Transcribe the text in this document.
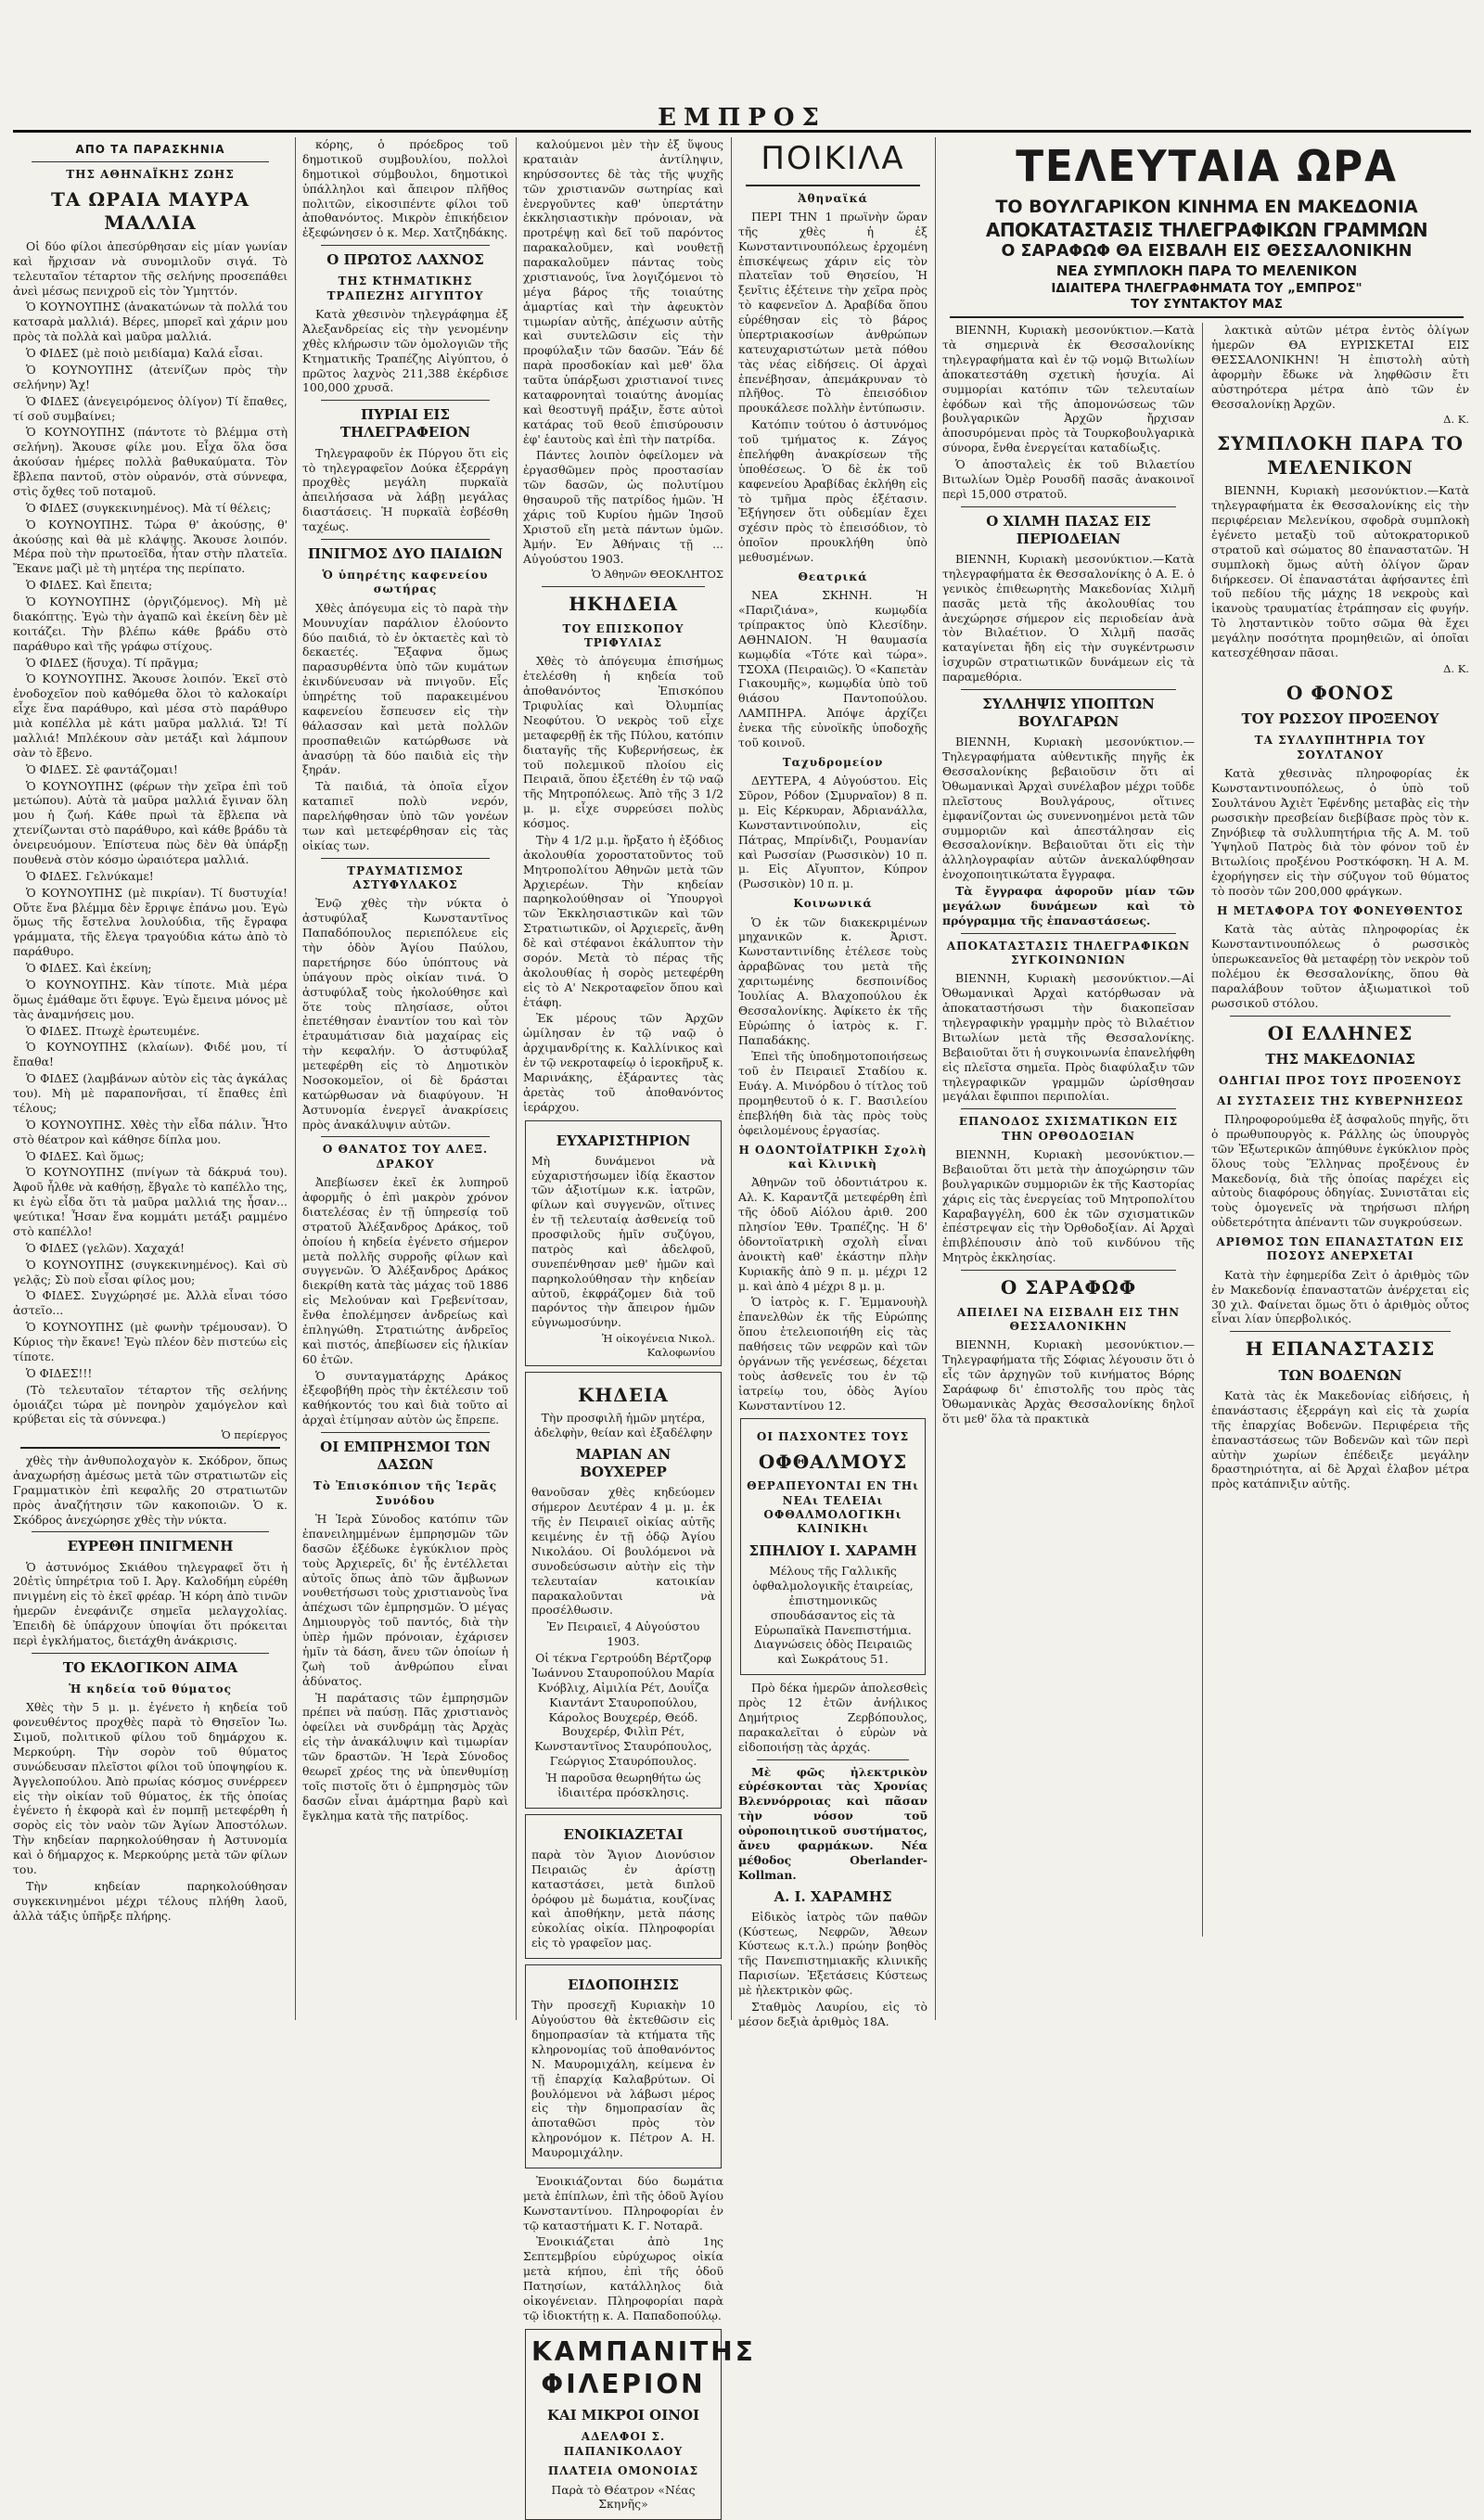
ΕΜΠΡΟΣ
ΑΠΟ ΤΑ ΠΑΡΑΣΚΗΝΙΑ
ΤΗΣ ΑΘΗΝΑΪΚΗΣ ΖΩΗΣ
ΤΑ ΩΡΑΙΑ ΜΑΥΡΑ ΜΑΛΛΙΑ

Οἱ δύο φίλοι ἀπεσύρθησαν εἰς μίαν γωνίαν καὶ ἤρχισαν νὰ συνομιλοῦν σιγά. Τὸ τελευταῖον τέταρτον τῆς σελήνης προσεπάθει ἀνεὶ μέσως πενιχροῦ εἰς τὸν Ὑμηττόν.

Ὁ ΚΟΥΝΟΥΠΗΣ (ἀνακατώνων τὰ πολλά του κατσαρὰ μαλλιά). Βέρες, μπορεῖ καὶ χάριν μου πρὸς τὰ πολλὰ καὶ μαῦρα μαλλιά.

Ὁ ΦΙΔΕΣ (μὲ ποιὸ μειδίαμα) Καλά εἶσαι.

Ὁ ΚΟΥΝΟΥΠΗΣ (ἀτενίζων πρὸς τὴν σελήνην) Ἄχ!

Ὁ ΦΙΔΕΣ (ἀνεγειρόμενος ὀλίγον) Τί ἔπαθες, τί σοῦ συμβαίνει;

Ὁ ΚΟΥΝΟΥΠΗΣ (πάντοτε τὸ βλέμμα στὴ σελήνη). Ἄκουσε φίλε μου. Εἶχα ὅλα ὅσα ἀκούσαν ἡμέρες πολλὰ βαθυκαύματα. Τὸν ἔβλεπα παντοῦ, στὸν οὐρανόν, στὰ σύννεφα, στὶς ὄχθες τοῦ ποταμοῦ.

Ὁ ΦΙΔΕΣ (συγκεκινημένος). Μὰ τί θέλεις;

Ὁ ΚΟΥΝΟΥΠΗΣ. Τώρα θ' ἀκούσῃς, θ' ἀκούσῃς καὶ θὰ μὲ κλάψῃς. Ἄκουσε λοιπόν. Μέρα ποὺ τὴν πρωτοεῖδα, ἦταν στὴν πλατεῖα. Ἔκανε μαζὶ μὲ τὴ μητέρα της περίπατο.

Ὁ ΦΙΔΕΣ. Καὶ ἔπειτα;

Ὁ ΚΟΥΝΟΥΠΗΣ (ὀργιζόμενος). Μὴ μὲ διακόπτῃς. Ἐγὼ τὴν ἀγαπῶ καὶ ἐκείνη δὲν μὲ κοιτάζει. Τὴν βλέπω κάθε βράδυ στὸ παράθυρο καὶ τῆς γράφω στίχους.

Ὁ ΦΙΔΕΣ (ἥσυχα). Τί πρᾶγμα;

Ὁ ΚΟΥΝΟΥΠΗΣ. Ἄκουσε λοιπόν. Ἐκεῖ στὸ ἐνοδοχεῖον ποὺ καθόμεθα ὅλοι τὸ καλοκαίρι εἶχε ἕνα παράθυρο, καὶ μέσα στὸ παράθυρο μιὰ κοπέλλα μὲ κάτι μαῦρα μαλλιά. Ὤ! Τί μαλλιά! Μπλέκουν σὰν μετάξι καὶ λάμπουν σὰν τὸ ἔβενο.

Ὁ ΦΙΔΕΣ. Σὲ φαντάζομαι!

Ὁ ΚΟΥΝΟΥΠΗΣ (φέρων τὴν χεῖρα ἐπὶ τοῦ μετώπου). Αὐτὰ τὰ μαῦρα μαλλιά ἔγιναν ὅλη μου ἡ ζωή. Κάθε πρωὶ τὰ ἔβλεπα νὰ χτενίζωνται στὸ παράθυρο, καὶ κάθε βράδυ τὰ ὀνειρευόμουν. Ἐπίστευα πὼς δὲν θὰ ὑπάρξῃ πουθενὰ στὸν κόσμο ὡραιότερα μαλλιά.

Ὁ ΦΙΔΕΣ. Γελνύκαμε!

Ὁ ΚΟΥΝΟΥΠΗΣ (μὲ πικρίαν). Τί δυστυχία! Οὔτε ἕνα βλέμμα δὲν ἔρριψε ἐπάνω μου. Ἐγὼ ὅμως τῆς ἔστελνα λουλούδια, τῆς ἔγραφα γράμματα, τῆς ἔλεγα τραγούδια κάτω ἀπὸ τὸ παράθυρο.

Ὁ ΦΙΔΕΣ. Καὶ ἐκείνη;

Ὁ ΚΟΥΝΟΥΠΗΣ. Κὰν τίποτε. Μιὰ μέρα ὅμως ἐμάθαμε ὅτι ἔφυγε. Ἐγὼ ἔμεινα μόνος μὲ τὰς ἀναμνήσεις μου.

Ὁ ΦΙΔΕΣ. Πτωχὲ ἐρωτευμένε.

Ὁ ΚΟΥΝΟΥΠΗΣ (κλαίων). Φιδέ μου, τί ἔπαθα!

Ὁ ΦΙΔΕΣ (λαμβάνων αὐτὸν εἰς τὰς ἀγκάλας του). Μὴ μὲ παραπονῆσαι, τί ἔπαθες ἐπὶ τέλους;

Ὁ ΚΟΥΝΟΥΠΗΣ. Χθὲς τὴν εἶδα πάλιν. Ἦτο στὸ θέατρον καὶ κάθησε δίπλα μου.

Ὁ ΦΙΔΕΣ. Καὶ ὅμως;

Ὁ ΚΟΥΝΟΥΠΗΣ (πνίγων τὰ δάκρυά του). Ἀφοῦ ἦλθε νὰ καθήσῃ, ἔβγαλε τὸ καπέλλο της, κι ἐγὼ εἶδα ὅτι τὰ μαῦρα μαλλιά της ἦσαν... ψεύτικα! Ἦσαν ἕνα κομμάτι μετάξι ραμμένο στὸ καπέλλο!

Ὁ ΦΙΔΕΣ (γελῶν). Χαχαχά!

Ὁ ΚΟΥΝΟΥΠΗΣ (συγκεκινημένος). Καὶ σὺ γελᾷς; Σὺ ποὺ εἶσαι φίλος μου;

Ὁ ΦΙΔΕΣ. Συγχώρησέ με. Ἀλλὰ εἶναι τόσο ἀστεῖο...

Ὁ ΚΟΥΝΟΥΠΗΣ (μὲ φωνὴν τρέμουσαν). Ὁ Κύριος τὴν ἔκανε! Ἐγὼ πλέον δὲν πιστεύω εἰς τίποτε.

Ὁ ΦΙΔΕΣ!!!

(Τὸ τελευταῖον τέταρτον τῆς σελήνης ὁμοιάζει τώρα μὲ πονηρὸν χαμόγελον καὶ κρύβεται εἰς τὰ σύννεφα.)

Ὁ περίεργος

χθὲς τὴν ἀνθυπολοχαγὸν κ. Σκόδρον, ὅπως ἀναχωρήσῃ ἀμέσως μετὰ τῶν στρατιωτῶν εἰς Γραμματικὸν ἐπὶ κεφαλῆς 20 στρατιωτῶν πρὸς ἀναζήτησιν τῶν κακοποιῶν. Ὁ κ. Σκόδρος ἀνεχώρησε χθὲς τὴν νύκτα.

ΕΥΡΕΘΗ ΠΝΙΓΜΕΝΗ

Ὁ ἀστυνόμος Σκιάθου τηλεγραφεῖ ὅτι ἡ 20ἐτὶς ὑπηρέτρια τοῦ Ι. Ἀργ. Καλοδήμη εὑρέθη πνιγμένη εἰς τὸ ἐκεῖ φρέαρ. Ἡ κόρη ἀπὸ τινῶν ἡμερῶν ἐνεφάνιζε σημεῖα μελαγχολίας. Ἐπειδὴ δὲ ὑπάρχουν ὑποψίαι ὅτι πρόκειται περὶ ἐγκλήματος, διετάχθη ἀνάκρισις.

ΤΟ ΕΚΛΟΓΙΚΟΝ ΑΙΜΑ
Ἡ κηδεία τοῦ θύματος

Χθὲς τὴν 5 μ. μ. ἐγένετο ἡ κηδεία τοῦ φονευθέντος προχθὲς παρὰ τὸ Θησεῖον Ἰω. Σιμοῦ, πολιτικοῦ φίλου τοῦ δημάρχου κ. Μερκούρη. Τὴν σορὸν τοῦ θύματος συνώδευσαν πλεῖστοι φίλοι τοῦ ὑποψηφίου κ. Ἀγγελοπούλου. Ἀπὸ πρωίας κόσμος συνέρρεεν εἰς τὴν οἰκίαν τοῦ θύματος, ἐκ τῆς ὁποίας ἐγένετο ἡ ἐκφορὰ καὶ ἐν πομπῇ μετεφέρθη ἡ σορὸς εἰς τὸν ναὸν τῶν Ἁγίων Ἀποστόλων. Τὴν κηδείαν παρηκολούθησαν ἡ Ἀστυνομία καὶ ὁ δήμαρχος κ. Μερκούρης μετὰ τῶν φίλων του.

Τὴν κηδείαν παρηκολούθησαν συγκεκινημένοι μέχρι τέλους πλήθη λαοῦ, ἀλλὰ τάξις ὑπῆρξε πλήρης.

κόρης, ὁ πρόεδρος τοῦ δημοτικοῦ συμβουλίου, πολλοὶ δημοτικοὶ σύμβουλοι, δημοτικοὶ ὑπάλληλοι καὶ ἄπειρον πλῆθος πολιτῶν, εἰκοσιπέντε φίλοι τοῦ ἀποθανόντος. Μικρὸν ἐπικήδειον ἐξεφώνησεν ὁ κ. Μερ. Χατζηδάκης.

Ο ΠΡΩΤΟΣ ΛΑΧΝΟΣ
ΤΗΣ ΚΤΗΜΑΤΙΚΗΣ ΤΡΑΠΕΖΗΣ ΑΙΓΥΠΤΟΥ

Κατὰ χθεσινὸν τηλεγράφημα ἐξ Ἀλεξανδρείας εἰς τὴν γενομένην χθὲς κλήρωσιν τῶν ὁμολογιῶν τῆς Κτηματικῆς Τραπέζης Αἰγύπτου, ὁ πρῶτος λαχνὸς 211,388 ἐκέρδισε 100,000 χρυσᾶ.

ΠΥΡΙΑΙ ΕΙΣ ΤΗΛΕΓΡΑΦΕΙΟΝ

Τηλεγραφοῦν ἐκ Πύργου ὅτι εἰς τὸ τηλεγραφεῖον Δούκα ἐξερράγη προχθὲς μεγάλη πυρκαϊὰ ἀπειλήσασα νὰ λάβῃ μεγάλας διαστάσεις. Ἡ πυρκαϊὰ ἐσβέσθη ταχέως.

ΠΝΙΓΜΟΣ ΔΥΟ ΠΑΙΔΙΩΝ
Ὁ ὑπηρέτης καφενείου σωτήρας

Χθὲς ἀπόγευμα εἰς τὸ παρὰ τὴν Μουνυχίαν παράλιον ἐλούοντο δύο παιδιά, τὸ ἐν ὀκταετὲς καὶ τὸ δεκαετές. Ἔξαφνα ὅμως παρασυρθέντα ὑπὸ τῶν κυμάτων ἐκινδύνευσαν νὰ πνιγοῦν. Εἷς ὑπηρέτης τοῦ παρακειμένου καφενείου ἔσπευσεν εἰς τὴν θάλασσαν καὶ μετὰ πολλῶν προσπαθειῶν κατώρθωσε νὰ ἀνασύρῃ τὰ δύο παιδιὰ εἰς τὴν ξηράν.

Τὰ παιδιά, τὰ ὁποῖα εἶχον καταπιεῖ πολὺ νερόν, παρελήφθησαν ὑπὸ τῶν γονέων των καὶ μετεφέρθησαν εἰς τὰς οἰκίας των.

ΤΡΑΥΜΑΤΙΣΜΟΣ ΑΣΤΥΦΥΛΑΚΟΣ

Ἐνῷ χθὲς τὴν νύκτα ὁ ἀστυφύλαξ Κωνσταντῖνος Παπαδόπουλος περιεπόλευε εἰς τὴν ὁδὸν Ἁγίου Παύλου, παρετήρησε δύο ὑπόπτους νὰ ὑπάγουν πρὸς οἰκίαν τινά. Ὁ ἀστυφύλαξ τοὺς ἠκολούθησε καὶ ὅτε τοὺς πλησίασε, οὗτοι ἐπετέθησαν ἐναντίον του καὶ τὸν ἐτραυμάτισαν διὰ μαχαίρας εἰς τὴν κεφαλήν. Ὁ ἀστυφύλαξ μετεφέρθη εἰς τὸ Δημοτικὸν Νοσοκομεῖον, οἱ δὲ δράσται κατώρθωσαν νὰ διαφύγουν. Ἡ Ἀστυνομία ἐνεργεῖ ἀνακρίσεις πρὸς ἀνακάλυψιν αὐτῶν.

Ο ΘΑΝΑΤΟΣ ΤΟΥ ΑΛΕΞ. ΔΡΑΚΟΥ

Ἀπεβίωσεν ἐκεῖ ἐκ λυπηροῦ ἀφορμῆς ὁ ἐπὶ μακρὸν χρόνον διατελέσας ἐν τῇ ὑπηρεσίᾳ τοῦ στρατοῦ Ἀλέξανδρος Δράκος, τοῦ ὁποίου ἡ κηδεία ἐγένετο σήμερον μετὰ πολλῆς συρροῆς φίλων καὶ συγγενῶν. Ὁ Ἀλέξανδρος Δράκος διεκρίθη κατὰ τὰς μάχας τοῦ 1886 εἰς Μελούναν καὶ Γρεβενίτσαν, ἔνθα ἐπολέμησεν ἀνδρείως καὶ ἐπληγώθη. Στρατιώτης ἀνδρεῖος καὶ πιστός, ἀπεβίωσεν εἰς ἡλικίαν 60 ἐτῶν.

Ὁ συνταγματάρχης Δράκος ἐξεφοβήθη πρὸς τὴν ἐκτέλεσιν τοῦ καθήκοντός του καὶ διὰ τοῦτο αἱ ἀρχαὶ ἐτίμησαν αὐτὸν ὡς ἔπρεπε.

ΟΙ ΕΜΠΡΗΣΜΟΙ ΤΩΝ ΔΑΣΩΝ
Τὸ Ἐπισκόπιον τῆς Ἱερᾶς Συνόδου

Ἡ Ἱερὰ Σύνοδος κατόπιν τῶν ἐπανειλημμένων ἐμπρησμῶν τῶν δασῶν ἐξέδωκε ἐγκύκλιον πρὸς τοὺς Ἀρχιερεῖς, δι' ἧς ἐντέλλεται αὐτοῖς ὅπως ἀπὸ τῶν ἄμβωνων νουθετήσωσι τοὺς χριστιανοὺς ἵνα ἀπέχωσι τῶν ἐμπρησμῶν. Ὁ μέγας Δημιουργὸς τοῦ παντός, διὰ τὴν ὑπὲρ ἡμῶν πρόνοιαν, ἐχάρισεν ἡμῖν τὰ δάση, ἄνευ τῶν ὁποίων ἡ ζωὴ τοῦ ἀνθρώπου εἶναι ἀδύνατος.

Ἡ παράτασις τῶν ἐμπρησμῶν πρέπει νὰ παύσῃ. Πᾶς χριστιανὸς ὀφείλει νὰ συνδράμῃ τὰς Ἀρχὰς εἰς τὴν ἀνακάλυψιν καὶ τιμωρίαν τῶν δραστῶν. Ἡ Ἱερὰ Σύνοδος θεωρεῖ χρέος της νὰ ὑπενθυμίσῃ τοῖς πιστοῖς ὅτι ὁ ἐμπρησμὸς τῶν δασῶν εἶναι ἁμάρτημα βαρὺ καὶ ἔγκλημα κατὰ τῆς πατρίδος.

καλούμενοι μὲν τὴν ἐξ ὕψους κραταιὰν ἀντίληψιν, κηρύσσοντες δὲ τὰς τῆς ψυχῆς τῶν χριστιανῶν σωτηρίας καὶ ἐνεργοῦντες καθ' ὑπερτάτην ἐκκλησιαστικὴν πρόνοιαν, νὰ προτρέψῃ καὶ δεῖ τοῦ παρόντος παρακαλοῦμεν, καὶ νουθετῇ παρακαλοῦμεν πάντας τοὺς χριστιανούς, ἵνα λογιζόμενοι τὸ μέγα βάρος τῆς τοιαύτης ἁμαρτίας καὶ τὴν ἀφευκτὸν τιμωρίαν αὐτῆς, ἀπέχωσιν αὐτῆς καὶ συντελῶσιν εἰς τὴν προφύλαξιν τῶν δασῶν. Ἔάν δέ παρὰ προσδοκίαν καὶ μεθ' ὅλα ταῦτα ὑπάρξωσι χριστιανοί τινες καταφρονηταὶ τοιαύτης ἀνομίας καὶ θεοστυγῆ πράξιν, ἔστε αὐτοὶ κατάρας τοῦ θεοῦ ἐπισύρουσιν ἐφ' ἑαυτοὺς καὶ ἐπὶ τὴν πατρίδα.

Πάντες λοιπὸν ὀφείλομεν νὰ ἐργασθῶμεν πρὸς προστασίαν τῶν δασῶν, ὡς πολυτίμου θησαυροῦ τῆς πατρίδος ἡμῶν. Ἡ χάρις τοῦ Κυρίου ἡμῶν Ἰησοῦ Χριστοῦ εἴη μετὰ πάντων ὑμῶν. Ἀμήν. Ἐν Ἀθήναις τῇ ... Αὐγούστου 1903.

Ὁ Ἀθηνῶν ΘΕΟΚΛΗΤΟΣ
ΗΚΗΔΕΙΑ
ΤΟΥ ΕΠΙΣΚΟΠΟΥ ΤΡΙΦΥΛΙΑΣ

Χθὲς τὸ ἀπόγευμα ἐπισήμως ἐτελέσθη ἡ κηδεία τοῦ ἀποθανόντος Ἐπισκόπου Τριφυλίας καὶ Ὀλυμπίας Νεοφύτου. Ὁ νεκρὸς τοῦ εἶχε μεταφερθῇ ἐκ τῆς Πύλου, κατόπιν διαταγῆς τῆς Κυβερνήσεως, ἐκ τοῦ πολεμικοῦ πλοίου εἰς Πειραιᾶ, ὅπου ἐξετέθη ἐν τῷ ναῷ τῆς Μητροπόλεως. Ἀπὸ τῆς 3 1/2 μ. μ. εἶχε συρρεύσει πολὺς κόσμος.

Τὴν 4 1/2 μ.μ. ἤρξατο ἡ ἐξόδιος ἀκολουθία χοροστατοῦντος τοῦ Μητροπολίτου Ἀθηνῶν μετὰ τῶν Ἀρχιερέων. Τὴν κηδείαν παρηκολούθησαν οἱ Ὑπουργοὶ τῶν Ἐκκλησιαστικῶν καὶ τῶν Στρατιωτικῶν, οἱ Ἀρχιερεῖς, ἄνθη δὲ καὶ στέφανοι ἐκάλυπτον τὴν σορόν. Μετὰ τὸ πέρας τῆς ἀκολουθίας ἡ σορὸς μετεφέρθη εἰς τὸ Α' Νεκροταφεῖον ὅπου καὶ ἐτάφη.

Ἐκ μέρους τῶν Ἀρχῶν ὡμίλησαν ἐν τῷ ναῷ ὁ ἀρχιμανδρίτης κ. Καλλίνικος καὶ ἐν τῷ νεκροταφείῳ ὁ ἱεροκῆρυξ κ. Μαρινάκης, ἐξάραντες τὰς ἀρετὰς τοῦ ἀποθανόντος ἱεράρχου.

ΕΥΧΑΡΙΣΤΗΡΙΟΝ

Μὴ δυνάμενοι νὰ εὐχαριστήσωμεν ἰδίᾳ ἕκαστον τῶν ἀξιοτίμων κ.κ. ἰατρῶν, φίλων καὶ συγγενῶν, οἵτινες ἐν τῇ τελευταίᾳ ἀσθενείᾳ τοῦ προσφιλοῦς ἡμῖν συζύγου, πατρὸς καὶ ἀδελφοῦ, συνεπένθησαν μεθ' ἡμῶν καὶ παρηκολούθησαν τὴν κηδείαν αὐτοῦ, ἐκφράζομεν διὰ τοῦ παρόντος τὴν ἄπειρον ἡμῶν εὐγνωμοσύνην.

Ἡ οἰκογένεια Νικολ. Καλοφωνίου
ΚΗΔΕΙΑ

Τὴν προσφιλῆ ἡμῶν μητέρα, ἀδελφὴν, θείαν καὶ ἐξαδέλφην

ΜΑΡΙΑΝ ΑΝ ΒΟΥΧΕΡΕΡ

θανοῦσαν χθὲς κηδεύομεν σήμερον Δευτέραν 4 μ. μ. ἐκ τῆς ἐν Πειραιεῖ οἰκίας αὐτῆς κειμένης ἐν τῇ ὁδῷ Ἀγίου Νικολάου. Οἱ βουλόμενοι νὰ συνοδεύσωσιν αὐτὴν εἰς τὴν τελευταίαν κατοικίαν παρακαλοῦνται νὰ προσέλθωσιν.

Ἐν Πειραιεῖ, 4 Αὐγούστου 1903.

Οἱ τέκνα Γερτρούδη Βέρτζορφ Ἰωάννου Σταυροπούλου Μαρία Κνόβλιχ, Αἰμιλία Ρέτ, Δουΐζα Κιαντάντ Σταυροπούλου, Κάρολος Βουχερέρ, Θεόδ. Βουχερέρ, Φιλὶπ Ρέτ, Κωνσταντῖνος Σταυρόπουλος, Γεώργιος Σταυρόπουλος.

Ἡ παροῦσα θεωρηθήτω ὡς ἰδιαιτέρα πρόσκλησις.

ΕΝΟΙΚΙΑΖΕΤΑΙ

παρὰ τὸν Ἅγιον Διονύσιον Πειραιῶς ἐν ἀρίστῃ καταστάσει, μετὰ διπλοῦ ὀρόφου μὲ δωμάτια, κουζίνας καὶ ἀποθήκην, μετὰ πάσης εὐκολίας οἰκία. Πληροφορίαι εἰς τὸ γραφεῖον μας.

ΕΙΔΟΠΟΙΗΣΙΣ

Τὴν προσεχῆ Κυριακὴν 10 Αὐγούστου θὰ ἐκτεθῶσιν εἰς δημοπρασίαν τὰ κτήματα τῆς κληρονομίας τοῦ ἀποθανόντος Ν. Μαυρομιχάλη, κείμενα ἐν τῇ ἐπαρχίᾳ Καλαβρύτων. Οἱ βουλόμενοι νὰ λάβωσι μέρος εἰς τὴν δημοπρασίαν ἂς ἀποταθῶσι πρὸς τὸν κληρονόμον κ. Πέτρον Α. Η. Μαυρομιχάλην.

Ἐνοικιάζονται δύο δωμάτια μετὰ ἐπίπλων, ἐπὶ τῆς ὁδοῦ Ἀγίου Κωνσταντίνου. Πληροφορίαι ἐν τῷ καταστήματι Κ. Γ. Νοταρᾶ.

Ἐνοικιάζεται ἀπὸ 1ης Σεπτεμβρίου εὐρύχωρος οἰκία μετὰ κήπου, ἐπὶ τῆς ὁδοῦ Πατησίων, κατάλληλος διὰ οἰκογένειαν. Πληροφορίαι παρὰ τῷ ἰδιοκτήτῃ κ. Α. Παπαδοπούλῳ.

ΚΑΜΠΑΝΙΤΗΣ
ΦΙΛΕΡΙΟΝ
ΚΑΙ ΜΙΚΡΟΙ ΟΙΝΟΙ
ΑΔΕΛΦΟΙ Σ. ΠΑΠΑΝΙΚΟΛΑΟΥ
ΠΛΑΤΕΙΑ ΟΜΟΝΟΙΑΣ

Παρὰ τὸ Θέατρον «Νέας Σκηνῆς»

ΠΟΙΚΙΛΑ
Ἀθηναϊκά

ΠΕΡΙ ΤΗΝ 1 πρωϊνὴν ὥραν τῆς χθὲς ἡ ἐξ Κωνσταντινουπόλεως ἐρχομένη ἐπισκέψεως χάριν εἰς τὸν πλατεῖαν τοῦ Θησείου, Ἡ ξενῖτις ἐξέτεινε τὴν χεῖρα πρὸς τὸ καφενεῖον Δ. Ἀραβίδα ὅπου εὑρέθησαν εἰς τὸ βάρος ὑπερτριακοσίων ἀνθρώπων κατευχαριστώτων μετὰ πόθου τὰς νέας εἰδήσεις. Οἱ ἀρχαὶ ἐπενέβησαν, ἀπεμάκρυναν τὸ πλῆθος. Τὸ ἐπεισόδιον προυκάλεσε πολλὴν ἐντύπωσιν.

Κατόπιν τούτου ὁ ἀστυνόμος τοῦ τμήματος κ. Ζάγος ἐπελήφθη ἀνακρίσεων τῆς ὑποθέσεως. Ὁ δὲ ἐκ τοῦ καφενείου Ἀραβίδας ἐκλήθη εἰς τὸ τμῆμα πρὸς ἐξέτασιν. Ἐξήγησεν ὅτι οὐδεμίαν ἔχει σχέσιν πρὸς τὸ ἐπεισόδιον, τὸ ὁποῖον προυκλήθη ὑπὸ μεθυσμένων.

Θεατρικά

ΝΕΑ ΣΚΗΝΗ. Ἡ «Παριζιάνα», κωμῳδία τρίπρακτος ὑπὸ Κλεσίδην. ΑΘΗΝΑΙΟΝ. Ἡ θαυμασία κωμῳδία «Τότε καὶ τώρα». ΤΣΟΧΑ (Πειραιῶς). Ὁ «Καπετὰν Γιακουμῆς», κωμῳδία ὑπὸ τοῦ θιάσου Παντοπούλου. ΛΑΜΠΗΡΑ. Ἀπόψε ἀρχίζει ἐνεκα τῆς εὐνοϊκῆς ὑποδοχῆς τοῦ κοινοῦ.

Ταχυδρομείον

ΔΕΥΤΕΡΑ, 4 Αὐγούστου. Εἰς Σῦρον, Ρόδον (Σμυρναῖον) 8 π. μ. Εἰς Κέρκυραν, Ἀδριανάλλα, Κωνσταντινούπολιν, εἰς Πάτρας, Μπρίνδιζι, Ρουμανίαν καὶ Ρωσσίαν (Ρωσσικὸν) 10 π. μ. Εἰς Αἴγυπτον, Κύπρον (Ρωσσικὸν) 10 π. μ.

Κοινωνικά

Ὁ ἐκ τῶν διακεκριμένων μηχανικῶν κ. Ἀριστ. Κωνσταντινίδης ἐτέλεσε τοὺς ἀρραβῶνας του μετὰ τῆς χαριτωμένης δεσποινίδος Ἰουλίας Α. Βλαχοπούλου ἐκ Θεσσαλονίκης. Ἀφίκετο ἐκ τῆς Εὐρώπης ὁ ἰατρὸς κ. Γ. Παπαδάκης.

Ἐπεὶ τῆς ὑποδημοτοποιήσεως τοῦ ἐν Πειραιεῖ Σταδίου κ. Ευάγ. Α. Μινόρδου ὁ τίτλος τοῦ προμηθευτοῦ ὁ κ. Γ. Βασιλείου ἐπεβλήθη διὰ τὰς πρὸς τοὺς ὀφειλομένους ἐργασίας.

Η ΟΔΟΝΤΟΪΑΤΡΙΚΗ Σχολὴ καὶ Κλινικὴ

Ἀθηνῶν τοῦ ὀδοντιάτρου κ. Αλ. Κ. Καραντζᾶ μετεφέρθη ἐπὶ τῆς ὁδοῦ Αἰόλου ἀριθ. 200 πλησίον Ἐθν. Τραπέζης. Ἡ δ' ὀδοντοϊατρικὴ σχολὴ εἶναι ἀνοικτὴ καθ' ἑκάστην πλὴν Κυριακῆς ἀπὸ 9 π. μ. μέχρι 12 μ. καὶ ἀπὸ 4 μέχρι 8 μ. μ.

Ὁ ἰατρὸς κ. Γ. Ἐμμανουὴλ ἐπανελθὼν ἐκ τῆς Εὐρώπης ὅπου ἐτελειοποιήθη εἰς τὰς παθήσεις τῶν νεφρῶν καὶ τῶν ὀργάνων τῆς γενέσεως, δέχεται τοὺς ἀσθενεῖς του ἐν τῷ ἰατρείῳ του, ὁδὸς Ἁγίου Κωνσταντίνου 12.

ΟΙ ΠΑΣΧΟΝΤΕΣ ΤΟΥΣ
ΟΦΘΑΛΜΟΥΣ
ΘΕΡΑΠΕΥΟΝΤΑΙ ΕΝ ΤΗι ΝΕΑι ΤΕΛΕΙΑι ΟΦΘΑΛΜΟΛΟΓΙΚΗι ΚΛΙΝΙΚΗι
ΣΠΗΛΙΟΥ Ι. ΧΑΡΑΜΗ

Μέλους τῆς Γαλλικῆς ὀφθαλμολογικῆς ἑταιρείας, ἐπιστημονικῶς σπουδάσαντος εἰς τὰ Εὐρωπαϊκὰ Πανεπιστήμια. Διαγνώσεις ὁδὸς Πειραιῶς καὶ Σωκράτους 51.

Πρὸ δέκα ἡμερῶν ἀπολεσθεὶς πρὸς 12 ἐτῶν ἀνήλικος Δημήτριος Ζερβόπουλος, παρακαλεῖται ὁ εὑρὼν νὰ εἰδοποιήσῃ τὰς ἀρχάς.

Μὲ φῶς ἠλεκτρικὸν εὑρέσκονται τὰς Χρονίας Βλεννόρροιας καὶ πᾶσαν τὴν νόσον τοῦ οὐροποιητικοῦ συστήματος, ἄνευ φαρμάκων. Νέα μέθοδος Oberlander-Kollman.

Α. Ι. ΧΑΡΑΜΗΣ

Εἰδικὸς ἰατρὸς τῶν παθῶν (Κύστεως, Νεφρῶν, Ἄθεων Κύστεως κ.τ.λ.) πρώην βοηθὸς τῆς Πανεπιστημιακῆς κλινικῆς Παρισίων. Ἐξετάσεις Κύστεως μὲ ἠλεκτρικὸν φῶς.

Σταθμὸς Λαυρίου, εἰς τὸ μέσον δεξιὰ ἀριθμὸς 18Α.

ΤΕΛΕΥΤΑΙΑ ΩΡΑ
ΤΟ ΒΟΥΛΓΑΡΙΚΟΝ ΚΙΝΗΜΑ ΕΝ ΜΑΚΕΔΟΝΙΑ
ΑΠΟΚΑΤΑΣΤΑΣΙΣ ΤΗΛΕΓΡΑΦΙΚΩΝ ΓΡΑΜΜΩΝ
Ο ΣΑΡΑΦΩΦ ΘΑ ΕΙΣΒΑΛΗ ΕΙΣ ΘΕΣΣΑΛΟΝΙΚΗΝ
ΝΕΑ ΣΥΜΠΛΟΚΗ ΠΑΡΑ ΤΟ ΜΕΛΕΝΙΚΟΝ
ΙΔΙΑΙΤΕΡΑ ΤΗΛΕΓΡΑΦΗΜΑΤΑ ΤΟΥ „ΕΜΠΡΟΣ"
ΤΟΥ ΣΥΝΤΑΚΤΟΥ ΜΑΣ

ΒΙΕΝΝΗ, Κυριακὴ μεσονύκτιον.—Κατὰ τὰ σημερινὰ ἐκ Θεσσαλονίκης τηλεγραφήματα καὶ ἐν τῷ νομῷ Βιτωλίων ἀποκατεστάθη σχετικὴ ἡσυχία. Αἱ συμμορίαι κατόπιν τῶν τελευταίων ἐφόδων καὶ τῆς ἀπομονώσεως τῶν βουλγαρικῶν Ἀρχῶν ἤρχισαν ἀποσυρόμεναι πρὸς τὰ Τουρκοβουλγαρικὰ σύνορα, ἔνθα ἐνεργείται καταδίωξις.

Ὁ ἀποσταλεὶς ἐκ τοῦ Βιλαετίου Βιτωλίων Ὀμὲρ Ρουσδῆ πασᾶς ἀνακοινοῖ περὶ 15,000 στρατοῦ.

Ο ΧΙΛΜΗ ΠΑΣΑΣ ΕΙΣ ΠΕΡΙΟΔΕΙΑΝ

ΒΙΕΝΝΗ, Κυριακὴ μεσονύκτιον.—Κατὰ τηλεγραφήματα ἐκ Θεσσαλονίκης ὁ Α. Ε. ὁ γενικὸς ἐπιθεωρητὴς Μακεδονίας Χιλμῆ πασᾶς μετὰ τῆς ἀκολουθίας του ἀνεχώρησε σήμερον εἰς περιοδείαν ἀνὰ τὸν Βιλαέτιον. Ὁ Χιλμῆ πασᾶς καταγίνεται ἤδη εἰς τὴν συγκέντρωσιν ἰσχυρῶν στρατιωτικῶν δυνάμεων εἰς τὰ παραμεθόρια.

ΣΥΛΛΗΨΙΣ ΥΠΟΠΤΩΝ ΒΟΥΛΓΑΡΩΝ

ΒΙΕΝΝΗ, Κυριακὴ μεσονύκτιον.—Τηλεγραφήματα αὐθεντικῆς πηγῆς ἐκ Θεσσαλονίκης βεβαιοῦσιν ὅτι αἱ Ὀθωμανικαὶ Ἀρχαὶ συνέλαβον μέχρι τοῦδε πλεῖστους Βουλγάρους, οἵτινες ἐμφανίζονται ὡς συνεννοημένοι μετὰ τῶν συμμοριῶν καὶ ἀπεστάλησαν εἰς Θεσσαλονίκην. Βεβαιοῦται ὅτι εἰς τὴν ἀλληλογραφίαν αὐτῶν ἀνεκαλύφθησαν ἐνοχοποιητικώτατα ἔγγραφα.

Τὰ ἔγγραφα ἀφοροῦν μίαν τῶν μεγάλων δυνάμεων καὶ τὸ πρόγραμμα τῆς ἐπαναστάσεως.

ΑΠΟΚΑΤΑΣΤΑΣΙΣ ΤΗΛΕΓΡΑΦΙΚΩΝ ΣΥΓΚΟΙΝΩΝΙΩΝ

ΒΙΕΝΝΗ, Κυριακὴ μεσονύκτιον.—Αἱ Ὀθωμανικαὶ Ἀρχαὶ κατόρθωσαν νὰ ἀποκαταστήσωσι τὴν διακοπεῖσαν τηλεγραφικὴν γραμμὴν πρὸς τὸ Βιλαέτιον Βιτωλίων μετὰ τῆς Θεσσαλονίκης. Βεβαιοῦται ὅτι ἡ συγκοινωνία ἐπανελήφθη εἰς πλεῖστα σημεῖα. Πρὸς διαφύλαξιν τῶν τηλεγραφικῶν γραμμῶν ὡρίσθησαν μεγάλαι ἔφιπποι περιπολίαι.

ΕΠΑΝΟΔΟΣ ΣΧΙΣΜΑΤΙΚΩΝ ΕΙΣ ΤΗΝ ΟΡΘΟΔΟΞΙΑΝ

ΒΙΕΝΝΗ, Κυριακὴ μεσονύκτιον.—Βεβαιοῦται ὅτι μετὰ τὴν ἀποχώρησιν τῶν βουλγαρικῶν συμμοριῶν ἐκ τῆς Καστορίας χάρις εἰς τὰς ἐνεργείας τοῦ Μητροπολίτου Καραβαγγέλη, 600 ἐκ τῶν σχισματικῶν ἐπέστρεψαν εἰς τὴν Ὀρθοδοξίαν. Αἱ Ἀρχαὶ ἐπιβλέπουσιν ἀπὸ τοῦ κινδύνου τῆς Μητρὸς ἐκκλησίας.

Ο ΣΑΡΑΦΩΦ
ΑΠΕΙΛΕΙ ΝΑ ΕΙΣΒΑΛΗ ΕΙΣ ΤΗΝ ΘΕΣΣΑΛΟΝΙΚΗΝ

ΒΙΕΝΝΗ, Κυριακὴ μεσονύκτιον.—Τηλεγραφήματα τῆς Σόφιας λέγουσιν ὅτι ὁ εἷς τῶν ἀρχηγῶν τοῦ κινήματος Βόρης Σαράφωφ δι' ἐπιστολῆς του πρὸς τὰς Ὀθωμανικὰς Ἀρχὰς Θεσσαλονίκης δηλοῖ ὅτι μεθ' ὅλα τὰ πρακτικὰ

λακτικὰ αὐτῶν μέτρα ἐντὸς ὀλίγων ἡμερῶν ΘΑ ΕΥΡΙΣΚΕΤΑΙ ΕΙΣ ΘΕΣΣΑΛΟΝΙΚΗΝ! Ἡ ἐπιστολὴ αὐτὴ ἀφορμὴν ἔδωκε νὰ ληφθῶσιν ἔτι αὐστηρότερα μέτρα ἀπὸ τῶν ἐν Θεσσαλονίκῃ Ἀρχῶν.

Δ. Κ.
ΣΥΜΠΛΟΚΗ ΠΑΡΑ ΤΟ ΜΕΛΕΝΙΚΟΝ

ΒΙΕΝΝΗ, Κυριακὴ μεσονύκτιον.—Κατὰ τηλεγραφήματα ἐκ Θεσσαλονίκης εἰς τὴν περιφέρειαν Μελενίκου, σφοδρὰ συμπλοκὴ ἐγένετο μεταξὺ τοῦ αὐτοκρατορικοῦ στρατοῦ καὶ σώματος 80 ἐπαναστατῶν. Ἡ συμπλοκὴ ὅμως αὐτὴ ὀλίγον ὥραν διήρκεσεν. Οἱ ἐπαναστάται ἀφήσαντες ἐπὶ τοῦ πεδίου τῆς μάχης 18 νεκροὺς καὶ ἱκανοὺς τραυματίας ἐτράπησαν εἰς φυγήν. Τὸ λησταντικὸν τοῦτο σῶμα θὰ ἔχει μεγάλην ποσότητα προμηθειῶν, αἱ ὁποῖαι κατεσχέθησαν πᾶσαι.

Δ. Κ.
Ο ΦΟΝΟΣ
ΤΟΥ ΡΩΣΣΟΥ ΠΡΟΞΕΝΟΥ
ΤΑ ΣΥΛΛΥΠΗΤΗΡΙΑ ΤΟΥ ΣΟΥΛΤΑΝΟΥ

Κατὰ χθεσινὰς πληροφορίας ἐκ Κωνσταντινουπόλεως, ὁ ὑπὸ τοῦ Σουλτάνου Ἀχιὲτ Ἐφένδης μεταβὰς εἰς τὴν ρωσσικὴν πρεσβείαν διεβίβασε πρὸς τὸν κ. Ζηνόβιεφ τὰ συλλυπητήρια τῆς Α. Μ. τοῦ Ὑψηλοῦ Πατρὸς διὰ τὸν φόνον τοῦ ἐν Βιτωλίοις προξένου Ροστκόφσκη. Ἡ Α. Μ. ἐχορήγησεν εἰς τὴν σύζυγον τοῦ θύματος τὸ ποσὸν τῶν 200,000 φράγκων.

Η ΜΕΤΑΦΟΡΑ ΤΟΥ ΦΟΝΕΥΘΕΝΤΟΣ

Κατὰ τὰς αὐτὰς πληροφορίας ἐκ Κωνσταντινουπόλεως ὁ ρωσσικὸς ὑπερωκεανεῖος θὰ μεταφέρῃ τὸν νεκρὸν τοῦ πολέμου ἐκ Θεσσαλονίκης, ὅπου θὰ παραλάβουν τοῦτον ἀξιωματικοὶ τοῦ ρωσσικοῦ στόλου.

ΟΙ ΕΛΛΗΝΕΣ
ΤΗΣ ΜΑΚΕΔΟΝΙΑΣ
ΟΔΗΓΙΑΙ ΠΡΟΣ ΤΟΥΣ ΠΡΟΞΕΝΟΥΣ
ΑΙ ΣΥΣΤΑΣΕΙΣ ΤΗΣ ΚΥΒΕΡΝΗΣΕΩΣ

Πληροφορούμεθα ἐξ ἀσφαλοῦς πηγῆς, ὅτι ὁ πρωθυπουργὸς κ. Ράλλης ὡς ὑπουργὸς τῶν Ἐξωτερικῶν ἀπηύθυνε ἐγκύκλιον πρὸς ὅλους τοὺς Ἕλληνας προξένους ἐν Μακεδονίᾳ, διὰ τῆς ὁποίας παρέχει εἰς αὐτοὺς διαφόρους ὁδηγίας. Συνιστᾶται εἰς τοὺς ὁμογενεῖς νὰ τηρήσωσι πλήρη οὐδετερότητα ἀπέναντι τῶν συγκρούσεων.

ΑΡΙΘΜΟΣ ΤΩΝ ΕΠΑΝΑΣΤΑΤΩΝ ΕΙΣ ΠΟΣΟΥΣ ΑΝΕΡΧΕΤΑΙ

Κατὰ τὴν ἐφημερίδα Ζεὶτ ὁ ἀριθμὸς τῶν ἐν Μακεδονίᾳ ἐπαναστατῶν ἀνέρχεται εἰς 30 χιλ. Φαίνεται ὅμως ὅτι ὁ ἀριθμὸς οὗτος εἶναι λίαν ὑπερβολικός.

Η ΕΠΑΝΑΣΤΑΣΙΣ
ΤΩΝ ΒΟΔΕΝΩΝ

Κατὰ τὰς ἐκ Μακεδονίας εἰδήσεις, ἡ ἐπανάστασις ἐξερράγη καὶ εἰς τὰ χωρία τῆς ἐπαρχίας Βοδενῶν. Περιφέρεια τῆς ἐπαναστάσεως τῶν Βοδενῶν καὶ τῶν περὶ αὐτὴν χωρίων ἐπέδειξε μεγάλην δραστηριότητα, αἱ δὲ Ἀρχαὶ ἐλαβον μέτρα πρὸς κατάπνιξιν αὐτῆς.
